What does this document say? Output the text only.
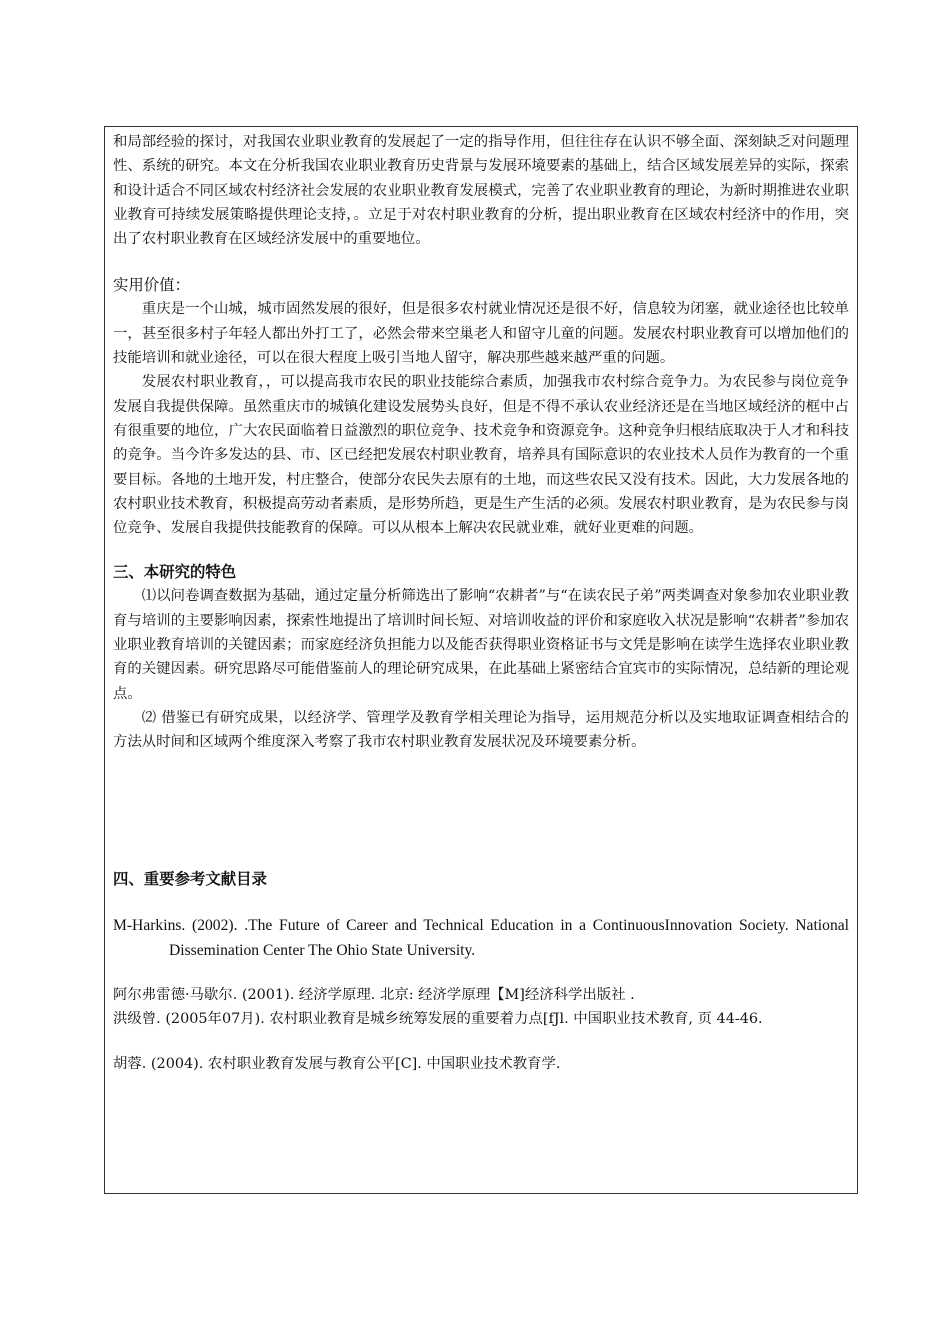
和局部经验的探讨，对我国农业职业教育的发展起了一定的指导作用，但往往存在认识不够全面、深刻缺乏对问题理性、系统的研究。本文在分析我国农业职业教育历史背景与发展环境要素的基础上，结合区域发展差异的实际，探索和设计适合不同区域农村经济社会发展的农业职业教育发展模式，完善了农业职业教育的理论，为新时期推进农业职业教育可持续发展策略提供理论支持，。立足于对农村职业教育的分析，提出职业教育在区域农村经济中的作用，突出了农村职业教育在区域经济发展中的重要地位。

实用价值：

重庆是一个山城，城市固然发展的很好，但是很多农村就业情况还是很不好，信息较为闭塞，就业途径也比较单一，甚至很多村子年轻人都出外打工了，必然会带来空巢老人和留守儿童的问题。发展农村职业教育可以增加他们的技能培训和就业途径，可以在很大程度上吸引当地人留守，解决那些越来越严重的问题。

发展农村职业教育，，可以提高我市农民的职业技能综合素质，加强我市农村综合竞争力。为农民参与岗位竞争发展自我提供保障。虽然重庆市的城镇化建设发展势头良好，但是不得不承认农业经济还是在当地区域经济的框中占有很重要的地位，广大农民面临着日益激烈的职位竞争、技术竞争和资源竞争。这种竞争归根结底取决于人才和科技的竞争。当今许多发达的县、市、区已经把发展农村职业教育，培养具有国际意识的农业技术人员作为教育的一个重要目标。各地的土地开发，村庄整合，使部分农民失去原有的土地，而这些农民又没有技术。因此，大力发展各地的农村职业技术教育，积极提高劳动者素质，是形势所趋，更是生产生活的必须。发展农村职业教育，是为农民参与岗位竞争、发展自我提供技能教育的保障。可以从根本上解决农民就业难，就好业更难的问题。

三、本研究的特色

⑴以问卷调查数据为基础，通过定量分析筛选出了影响“农耕者”与“在读农民子弟”两类调查对象参加农业职业教育与培训的主要影响因素，探索性地提出了培训时间长短、对培训收益的评价和家庭收入状况是影响“农耕者”参加农业职业教育培训的关键因素；而家庭经济负担能力以及能否获得职业资格证书与文凭是影响在读学生选择农业职业教育的关键因素。研究思路尽可能借鉴前人的理论研究成果，在此基础上紧密结合宜宾市的实际情况，总结新的理论观点。

⑵ 借鉴已有研究成果，以经济学、管理学及教育学相关理论为指导，运用规范分析以及实地取证调查相结合的方法从时间和区域两个维度深入考察了我市农村职业教育发展状况及环境要素分析。

四、重要参考文献目录

M-Harkins. (2002). .The Future of Career and Technical Education in a ContinuousInnovation Society. National Dissemination Center The Ohio State University.

阿尔弗雷德·马歇尔. (2001). 经济学原理. 北京: 经济学原理【M]经济科学出版社 .

洪级曾. (2005年07月). 农村职业教育是城乡统筹发展的重要着力点[fJl. 中国职业技术教育, 页 44-46.

胡蓉. (2004). 农村职业教育发展与教育公平[C]. 中国职业技术教育学.
